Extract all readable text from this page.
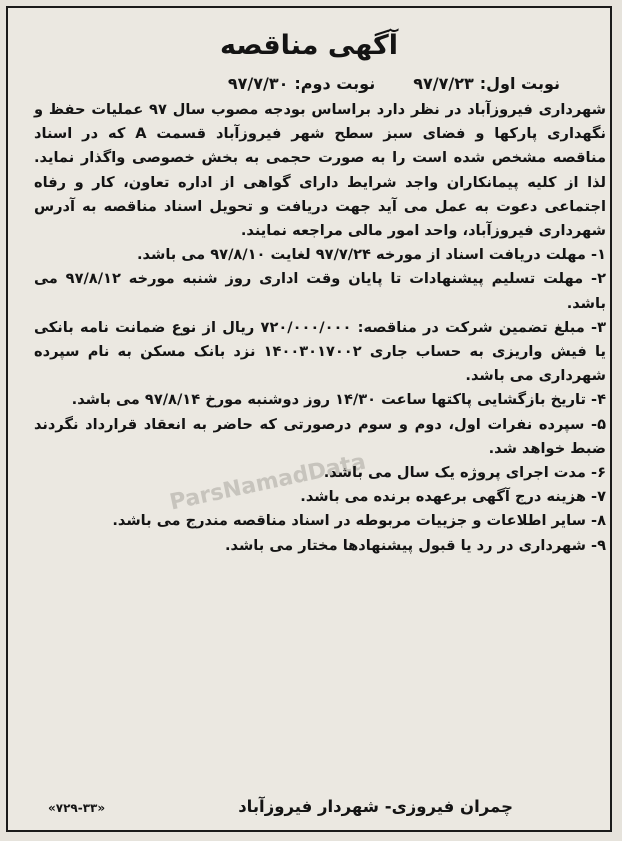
ParsNamadData
آگهی مناقصه
نوبت اول:۹۷/۷/۲۳نوبت دوم:۹۷/۷/۳۰

شهرداری فیروزآباد در نظر دارد براساس بودجه مصوب سال ۹۷ عملیات حفظ و نگهداری پارکها و فضای سبز سطح شهر فیروزآباد قسمت A که در اسناد مناقصه مشخص شده است را به صورت حجمی به بخش خصوصی واگذار نماید. لذا از کلیه پیمانکاران واجد شرایط دارای گواهی از اداره تعاون، کار و رفاه اجتماعی دعوت به عمل می آید جهت دریافت و تحویل اسناد مناقصه به آدرس شهرداری فیروزآباد، واحد امور مالی مراجعه نمایند.

۱- مهلت دریافت اسناد از مورخه ۹۷/۷/۲۴ لغایت ۹۷/۸/۱۰ می باشد.
۲- مهلت تسلیم پیشنهادات تا پایان وقت اداری روز شنبه مورخه ۹۷/۸/۱۲ می باشد.
۳- مبلغ تضمین شرکت در مناقصه: ۷۲۰/۰۰۰/۰۰۰ ریال از نوع ضمانت نامه بانکی یا فیش واریزی به حساب جاری ۱۴۰۰۳۰۱۷۰۰۲ نزد بانک مسکن به نام سپرده شهرداری می باشد.
۴- تاریخ بازگشایی پاکتها ساعت ۱۴/۳۰ روز دوشنبه مورخ ۹۷/۸/۱۴ می باشد.
۵- سپرده نفرات اول، دوم و سوم درصورتی که حاضر به انعقاد قرارداد نگردند ضبط خواهد شد.
۶- مدت اجرای پروژه یک سال می باشد.
۷- هزینه درج آگهی برعهده برنده می باشد.
۸- سایر اطلاعات و جزییات مربوطه در اسناد مناقصه مندرج می باشد.
۹- شهرداری در رد یا قبول پیشنهادها مختار می باشد.
چمران فیروزی- شهردار فیروزآباد
«۷۲۹-۳۳»
